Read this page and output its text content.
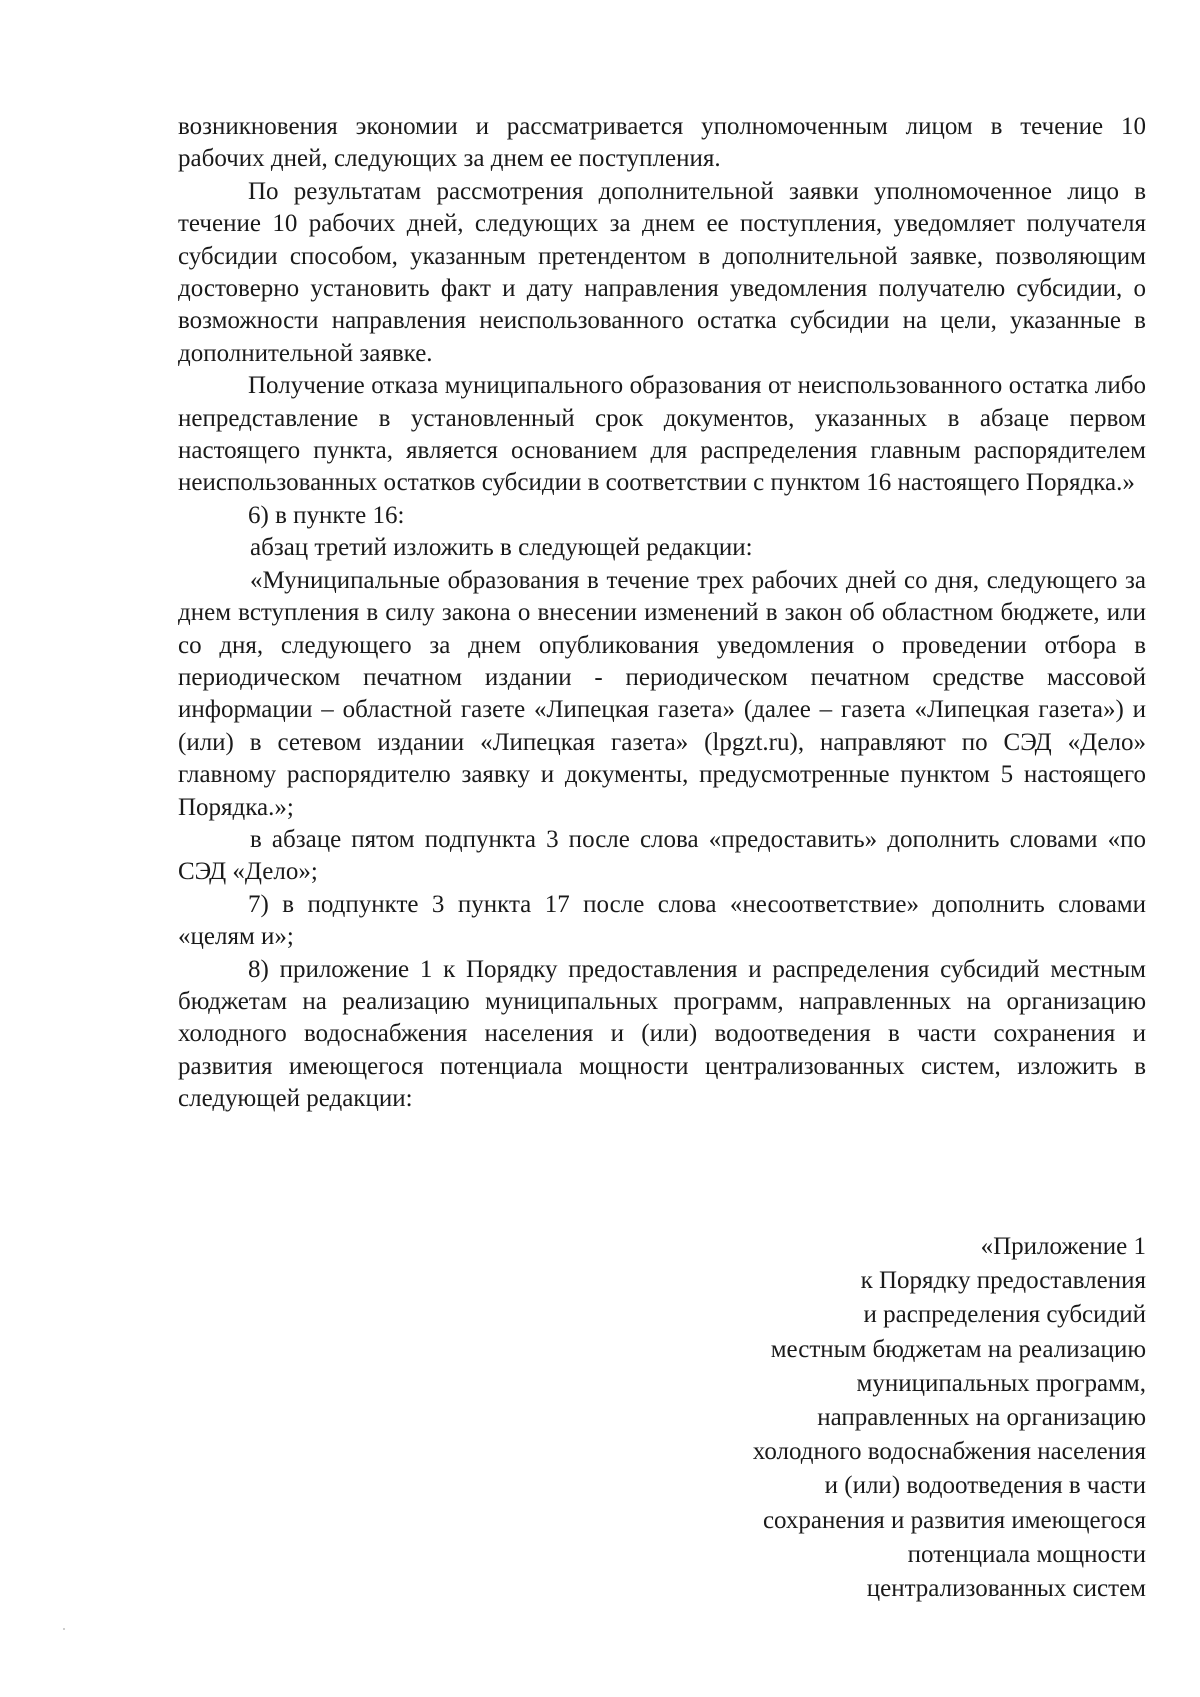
возникновения экономии и рассматривается уполномоченным лицом в течение 10 рабочих дней, следующих за днем ее поступления.

По результатам рассмотрения дополнительной заявки уполномоченное лицо в течение 10 рабочих дней, следующих за днем ее поступления, уведомляет получателя субсидии способом, указанным претендентом в дополнительной заявке, позволяющим достоверно установить факт и дату направления уведомления получателю субсидии, о возможности направления неиспользованного остатка субсидии на цели, указанные в дополнительной заявке.

Получение отказа муниципального образования от неиспользованного остатка либо непредставление в установленный срок документов, указанных в абзаце первом настоящего пункта, является основанием для распределения главным распорядителем неиспользованных остатков субсидии в соответствии с пунктом 16 настоящего Порядка.»

6) в пункте 16:

абзац третий изложить в следующей редакции:

«Муниципальные образования в течение трех рабочих дней со дня, следующего за днем вступления в силу закона о внесении изменений в закон об областном бюджете, или со дня, следующего за днем опубликования уведомления о проведении отбора в периодическом печатном издании - периодическом печатном средстве массовой информации – областной газете «Липецкая газета» (далее – газета «Липецкая газета») и (или) в сетевом издании «Липецкая газета» (lpgzt.ru), направляют по СЭД «Дело» главному распорядителю заявку и документы, предусмотренные пунктом 5 настоящего Порядка.»;

в абзаце пятом подпункта 3 после слова «предоставить» дополнить словами «по СЭД «Дело»;

7) в подпункте 3 пункта 17 после слова «несоответствие» дополнить словами «целям и»;

8) приложение 1 к Порядку предоставления и распределения субсидий местным бюджетам на реализацию муниципальных программ, направленных на организацию холодного водоснабжения населения и (или) водоотведения в части сохранения и развития имеющегося потенциала мощности централизованных систем, изложить в следующей редакции:

«Приложение 1
к Порядку предоставления
и распределения субсидий
местным бюджетам на реализацию
муниципальных программ,
направленных на организацию
холодного водоснабжения населения
и (или) водоотведения в части
сохранения и развития имеющегося
потенциала мощности
централизованных систем
